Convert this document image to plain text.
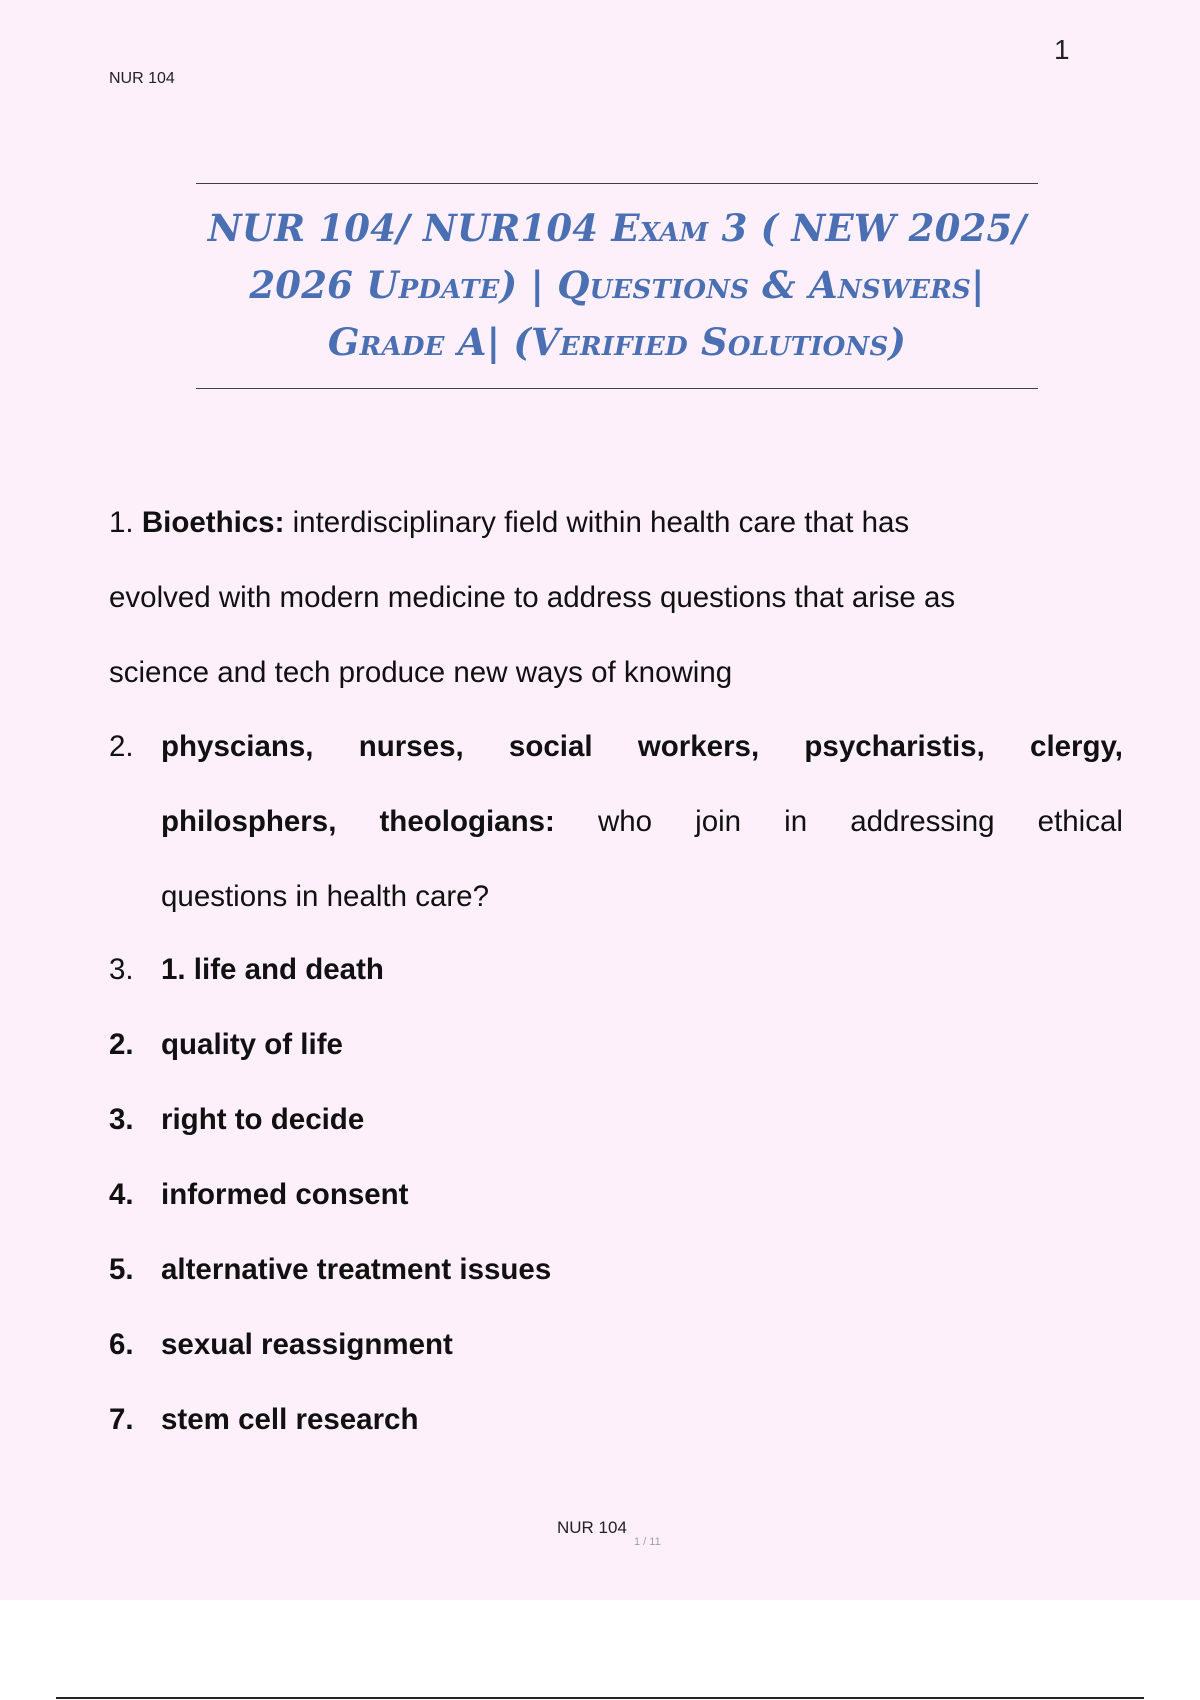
NUR 104
1
NUR 104/ NUR104 Exam 3 ( NEW 2025/
2026 Update) | Questions & Answers|
Grade A| (Verified Solutions)
1. Bioethics: interdisciplinary field within health care that has
evolved with modern medicine to address questions that arise as
science and tech produce new ways of knowing
2. physcians, nurses, social workers, psycharistis, clergy,
philosphers, theologians: who join in addressing ethical
questions in health care?
3. 1. life and death
2. quality of life
3. right to decide
4. informed consent
5. alternative treatment issues
6. sexual reassignment
7. stem cell research
NUR 104
1 / 11
